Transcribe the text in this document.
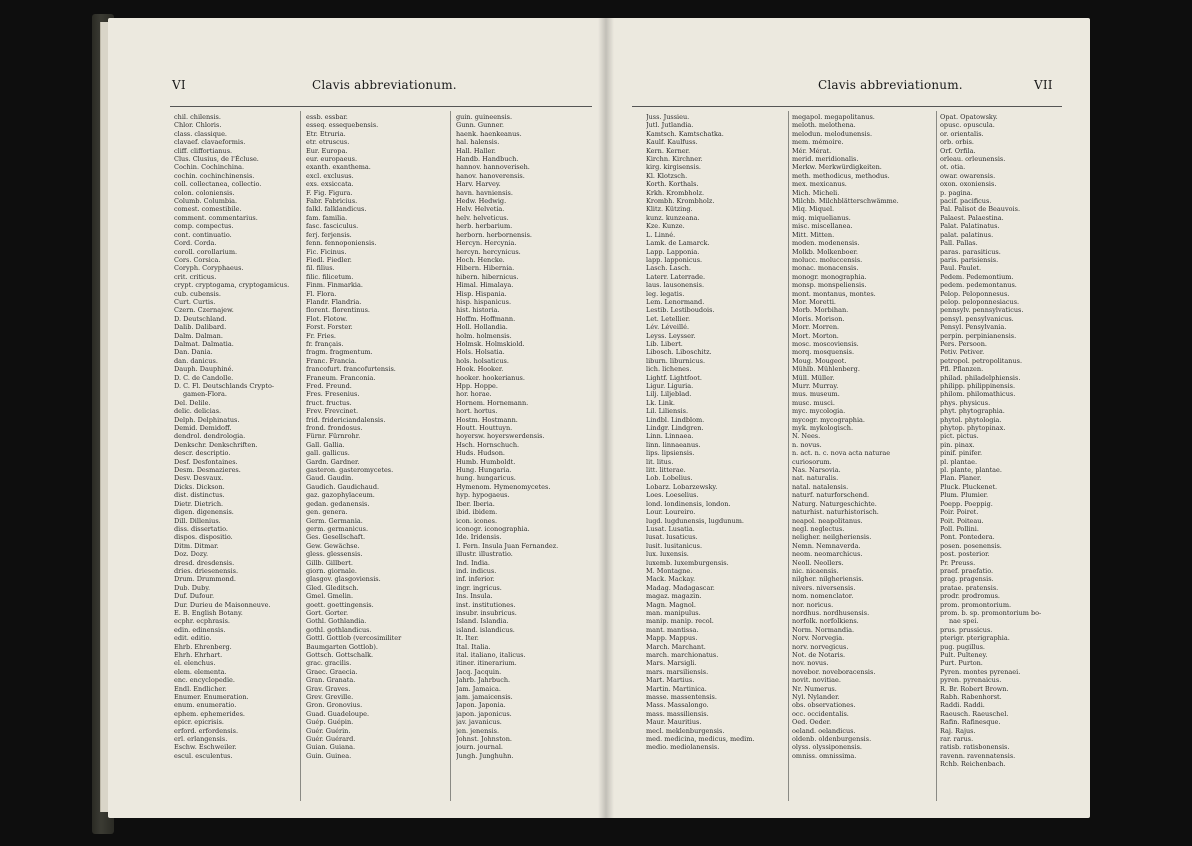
VI	Clavis abbreviationum.
chil. chilensis.
Chlor. Chloris.
class. classique.
clavaef. clavaeformis.
cliff. cliffortianus.
Clus. Clusius, de l'Écluse.
Cochin. Cochinchina.
cochin. cochinchinensis.
coll. collectanea, collectio.
colon. coloniensis.
Columb. Columbia.
comest. comestibile.
comment. commentarius.
comp. compectus.
cont. continuatio.
Cord. Corda.
coroll. corollarium.
Cors. Corsica.
Coryph. Coryphaeus.
crit. criticus.
crypt. cryptogama, cryptogamicus.
cub. cubensis.
Curt. Curtis.
Czern. Czernajew.
D. Deutschland.
Dalib. Dalibard.
Dalm. Dalman.
Dalmat. Dalmatia.
Dan. Dania.
dan. danicus.
Dauph. Dauphiné.
D. C. de Candolle.
D. C. Fl. Deutschlands Crypto-
gamen-Flora.
Del. Delile.
delic. delicias.
Delph. Delphinatus.
Demid. Demidoff.
dendrol. dendrologia.
Denkschr. Denkschriften.
descr. descriptio.
Desf. Desfontaines.
Desm. Desmazieres.
Desv. Desvaux.
Dicks. Dickson.
dist. distinctus.
Dietr. Dietrich.
digen. digenensis.
Dill. Dillenius.
diss. dissertatio.
dispos. dispositio.
Ditm. Ditmar.
Doz. Dozy.
dresd. dresdensis.
dries. driesenensis.
Drum. Drummond.
Dub. Duby.
Duf. Dufour.
Dur. Durieu de Maisonneuve.
E. B. English Botany.
ecphr. ecphrasis.
edin. edinensis.
edit. editio.
Ehrb. Ehrenberg.
Ehrh. Ehrhart.
el. elenchus.
elem. elementa.
enc. encyclopedie.
Endl. Endlicher.
Enumer. Enumeration.
enum. enumeratio.
ephem. ephemerides.
epicr. epicrisis.
erford. erfordensis.
erl. erlangensis.
Eschw. Eschweiler.
escul. esculentus.
essb. essbar.
esseq. essequebensis.
Etr. Etruria.
etr. etruscus.
Eur. Europa.
eur. europaeus.
exanth. exanthema.
excl. exclusus.
exs. exsiccata.
F. Fig. Figura.
Fabr. Fabricius.
falkl. falklandicus.
fam. familia.
fasc. fasciculus.
ferj. ferjensis.
fenn. fennoponiensis.
Fic. Ficinus.
Fiedl. Fiedler.
fil. filius.
filic. filicetum.
Finm. Finmarkia.
Fl. Flora.
Flandr. Flandria.
florent. florentinus.
Flot. Flotow.
Forst. Forster.
Fr. Fries.
fr. français.
fragm. fragmentum.
Franc. Francia.
francofurt. francofurtensis.
Franeum. Franconia.
Fred. Freund.
Fres. Fresenius.
fruct. fructus.
Frev. Frevcinet.
frid. fridericiandalensis.
frond. frondosus.
Fürnr. Fürnrohr.
Gall. Gallia.
gall. gallicus.
Gardn. Gardner.
gasteron. gasteromycetes.
Gaud. Gaudin.
Gaudich. Gaudichaud.
gaz. gazophylaceum.
gedan. gedanensis.
gen. genera.
Germ. Germania.
germ. germanicus.
Ges. Gesellschaft.
Gew. Gewächse.
gless. glessensis.
Gillb. Gillbert.
giorn. giornale.
glasgov. glasgoviensis.
Gled. Gleditsch.
Gmel. Gmelin.
goett. goettingensis.
Gort. Gorter.
Gothl. Gothlandia.
gothl. gothlandicus.
Gottl. Gottlob (vercosimiliter
Baumgarten Gottlob).
Gottsch. Gottschalk.
grac. gracilis.
Graec. Graecia.
Gran. Granata.
Grav. Graves.
Grev. Greville.
Gron. Gronovius.
Guad. Guadeloupe.
Guép. Guépin.
Guér. Guérin.
Guér. Guérard.
Guian. Guiana.
Guin. Guinea.
guin. guineensis.
Gunn. Gunner.
haenk. haenkeanus.
hal. halensis.
Hall. Haller.
Handb. Handbuch.
hannov. hannoveriseh.
hanov. hanoverensis.
Harv. Harvey.
havn. havniensis.
Hedw. Hedwig.
Helv. Helvetia.
helv. helveticus.
herb. herbarium.
herborn. herbornensis.
Hercyn. Hercynia.
hercyn. hercynicus.
Hoch. Hencke.
Hibern. Hibernia.
hibern. hibernicus.
Himal. Himalaya.
Hisp. Hispania.
hisp. hispanicus.
hist. historia.
Hoffm. Hoffmann.
Holl. Hollandia.
holm. holmensis.
Holmsk. Holmskiold.
Hols. Holsatia.
hols. holsaticus.
Hook. Hooker.
hooker. hookerianus.
Hpp. Hoppe.
hor. horae.
Hornem. Hornemann.
hort. hortus.
Hostm. Hostmann.
Houtt. Houttuyn.
hoyersw. hoyerswerdensis.
Hsch. Hornschuch.
Huds. Hudson.
Humb. Humboldt.
Hung. Hungaria.
hung. hungaricus.
Hymenom. Hymenomycetes.
hyp. hypogaeus.
Iber. Iberia.
ibid. ibidem.
icon. icones.
iconogr. iconographia.
Ide. Iridensis.
I. Fern. Insula Juan Fernandez.
illustr. illustratio.
Ind. India.
ind. indicus.
inf. inferior.
ingr. ingricus.
Ins. Insula.
inst. institutiones.
insubr. insubricus.
Island. Islandia.
island. islandicus.
It. Iter.
Ital. Italia.
ital. italiano, italicus.
itiner. itinerarium.
Jacq. Jacquin.
Jahrb. Jahrbuch.
Jam. Jamaica.
jam. jamaicensis.
Japon. Japonia.
japon. japonicus.
jav. javanicus.
jen. jenensis.
Johnst. Johnston.
journ. journal.
Jungh. Junghuhn.
Clavis abbreviationum.	VII
Juss. Jussieu.
Jutl. Jutlandia.
Kamtsch. Kamtschatka.
Kaulf. Kaulfuss.
Kern. Kerner.
Kirchn. Kirchner.
kirg. kirgisensis.
Kl. Klotzsch.
Korth. Korthals.
Krkh. Krombholz.
Krombh. Krombholz.
Klitz. Kützing.
kunz. kunzeana.
Kze. Kunze.
L. Linné.
Lamk. de Lamarck.
Lapp. Lapponia.
lapp. lapponicus.
Lasch. Lasch.
Laterr. Laterrade.
laus. lausonensis.
leg. legatis.
Lem. Lenormand.
Lestib. Lestiboudois.
Let. Letellier.
Lév. Léveillé.
Leyss. Leysser.
Lib. Libert.
Libosch. Liboschitz.
liburn. liburnicus.
lich. lichenes.
Lightf. Lightfoot.
Ligur. Liguria.
Lilj. Liljeblad.
Lk. Link.
Lil. Liliensis.
Lindbl. Lindblom.
Lindgr. Lindgren.
Linn. Linnaea.
linn. linnaeanus.
lips. lipsiensis.
lit. litus.
litt. litterae.
Lob. Lobelius.
Lobarz. Lobarzewsky.
Loes. Loeselius.
lond. londinensis, london.
Lour. Loureiro.
lugd. lugdunensis, lugdunum.
Lusat. Lusatia.
lusat. lusaticus.
lusit. lusitanicus.
lux. luxensis.
luxemb. luxemburgensis.
M. Montagne.
Mack. Mackay.
Madag. Madagascar.
magaz. magazin.
Magn. Magnol.
man. manipulus.
manip. manip. recol.
mant. mantissa.
Mapp. Mappus.
March. Marchant.
march. marchionatus.
Mars. Marsigli.
mars. marsiliensis.
Mart. Martius.
Martin. Martinica.
masse. massentensis.
Mass. Massalongo.
mass. massiliensis.
Maur. Mauritius.
mecl. meklenburgensis.
med. medicina, medicus, medim.
medio. mediolanensis.
megapol. megapolitanus.
meloth. melothena.
melodun. melodunensis.
mem. mémoire.
Mér. Mérat.
merid. meridionalis.
Merkw. Merkwürdigkeiten.
meth. methodicus, methodus.
mex. mexicanus.
Mich. Micheli.
Milchb. Milchblätterschwämme.
Miq. Miquel.
miq. miquelianus.
misc. miscellanea.
Mitt. Mitten.
moden. modenensis.
Molkb. Molkenboer.
molucc. moluccensis.
monac. monacensis.
monogr. monographia.
monsp. monspeliensis.
mont. montanus, montes.
Mor. Moretti.
Morb. Morbihan.
Moris. Morison.
Morr. Morren.
Mort. Morton.
mosc. moscoviensis.
morq. mosquensis.
Moug. Mougeot.
Mühlb. Mühlenberg.
Müll. Müller.
Murr. Murray.
mus. museum.
musc. musci.
myc. mycologia.
mycogr. mycographia.
myk. mykologisch.
N. Nees.
n. novus.
n. act. n. c. nova acta naturae
curiosorum.
Nas. Narsovia.
nat. naturalis.
natal. natalensis.
naturf. naturforschend.
Naturg. Naturgeschichte.
naturhist. naturhistorisch.
neapol. neapolitanus.
negl. neglectus.
neligher. neilgheriensis.
Nemn. Nemnaverda.
neom. neomarchicus.
Neoll. Neollers.
nic. nicaensis.
nilgher. nilgheriensis.
nivers. niversensis.
nom. nomenclator.
nor. noricus.
nordhus. nordhusensis.
norfolk. norfolkiens.
Norm. Normandia.
Norv. Norvegia.
norv. norvegicus.
Not. de Notaris.
nov. novus.
novebor. noveboracensis.
novit. novitiae.
Nr. Numerus.
Nyl. Nylander.
obs. observationes.
occ. occidentalis.
Oed. Oeder.
oeland. oelandicus.
oldenb. oldenburgensis.
olyss. olyssiponensis.
omniss. omnissima.
Opat. Opatowsky.
opusc. opuscula.
or. orientalis.
orb. orbis.
Orf. Orfila.
orleau. orleunensis.
ot. otia.
owar. owarensis.
oxon. oxoniensis.
p. pagina.
pacif. pacificus.
Pal. Palisot de Beauvois.
Palaest. Palaestina.
Palat. Palatinatus.
palat. palatinus.
Pall. Pallas.
paras. parasiticus.
paris. parisiensis.
Paul. Paulet.
Pedem. Pedemontium.
pedem. pedemontanus.
Pelop. Peloponnesus.
pelop. peloponnesiacus.
pennsylv. pennsylvaticus.
pensyl. pensylvanicus.
Pensyl. Pensylvania.
perpin. perpinianensis.
Pers. Persoon.
Petiv. Petiver.
petropol. petropolitanus.
Pfl. Pflanzen.
philad. philadelphiensis.
philipp. philippinensis.
philom. philomathicus.
phys. physicus.
phyt. phytographia.
phytol. phytologia.
phytop. phytopinax.
pict. pictus.
pin. pinax.
pinif. pinifer.
pl. plantae.
pl. plante, plantae.
Plan. Planer.
Pluck. Pluckenet.
Plum. Plumier.
Poepp. Poeppig.
Poir. Poiret.
Poit. Poiteau.
Poll. Pollini.
Pont. Pontedera.
posen. posenensis.
post. posterior.
Pr. Preuss.
praef. praefatio.
prag. pragensis.
pratae. pratensis.
prodr. prodromus.
prom. promontorium.
prom. b. sp. promontorium bo-
nae spei.
prus. prussicus.
pterigr. pterigraphia.
pug. pugillus.
Pult. Pulteney.
Purt. Purton.
Pyren. montes pyrenaei.
pyren. pyrenaicus.
R. Br. Robert Brown.
Rabh. Rabenhorst.
Raddi. Raddi.
Raeusch. Raeuschel.
Rafin. Rafinesque.
Raj. Rajus.
rar. rarus.
ratisb. ratisbonensis.
ravenn. ravennatensis.
Rchb. Reichenbach.
